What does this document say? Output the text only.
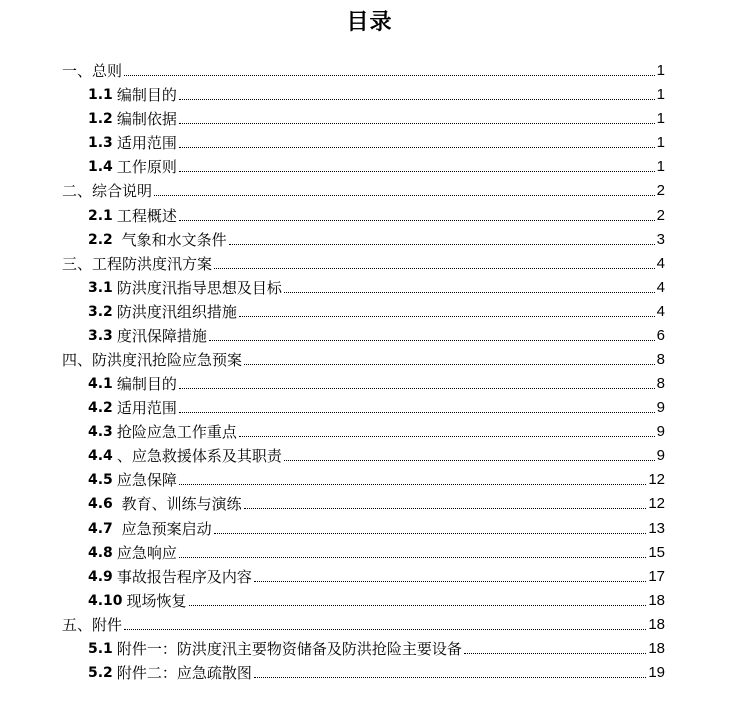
目录
一、总则	1
1.1 编制目的	1
1.2 编制依据	1
1.3 适用范围	1
1.4 工作原则	1
二、综合说明	2
2.1 工程概述	2
2.2 气象和水文条件	3
三、工程防洪度汛方案	4
3.1 防洪度汛指导思想及目标	4
3.2 防洪度汛组织措施	4
3.3 度汛保障措施	6
四、防洪度汛抢险应急预案	8
4.1 编制目的	8
4.2 适用范围	9
4.3 抢险应急工作重点	9
4.4 、应急救援体系及其职责	9
4.5 应急保障	12
4.6 教育、训练与演练	12
4.7 应急预案启动	13
4.8 应急响应	15
4.9 事故报告程序及内容	17
4.10 现场恢复	18
五、附件	18
5.1 附件一：防洪度汛主要物资储备及防洪抢险主要设备	18
5.2 附件二：应急疏散图	19
